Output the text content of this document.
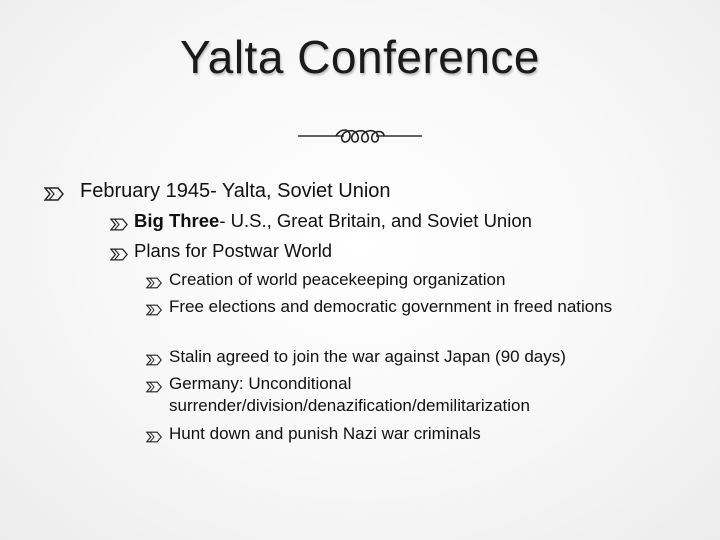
Yalta Conference
February 1945- Yalta, Soviet Union
Big Three- U.S., Great Britain, and Soviet Union
Plans for Postwar World
Creation of world peacekeeping organization
Free elections and democratic government in freed nations
Stalin agreed to join the war against Japan (90 days)
Germany: Unconditional surrender/division/denazification/demilitarization
Hunt down and punish Nazi war criminals
